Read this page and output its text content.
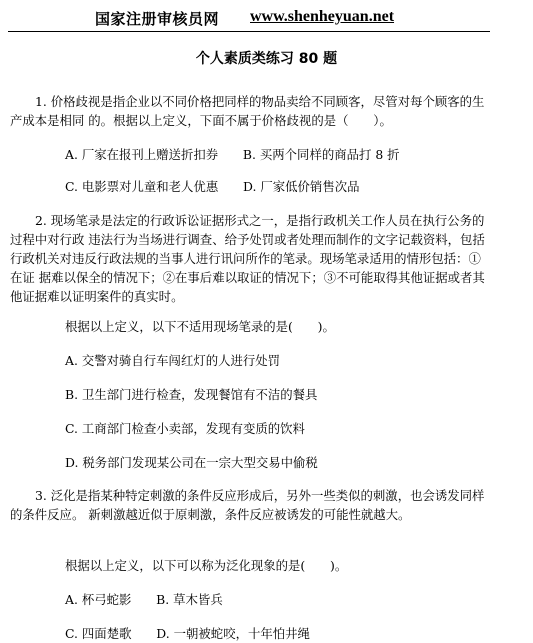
国家注册审核员网 www.shenheyuan.net
个人素质类练习 80 题

1. 价格歧视是指企业以不同价格把同样的物品卖给不同顾客，尽管对每个顾客的生产成本是相同 的。根据以上定义，下面不属于价格歧视的是（　　）。

A. 厂家在报刊上赠送折扣券　　B. 买两个同样的商品打 8 折

C. 电影票对儿童和老人优惠　　D. 厂家低价销售次品

2. 现场笔录是法定的行政诉讼证据形式之一，是指行政机关工作人员在执行公务的过程中对行政 违法行为当场进行调查、给予处罚或者处理而制作的文字记载资料，包括行政机关对违反行政法规的当事人进行讯问所作的笔录。现场笔录适用的情形包括：①在证 据难以保全的情况下；②在事后难以取证的情况下；③不可能取得其他证据或者其他证据难以证明案件的真实时。

根据以上定义，以下不适用现场笔录的是(　　)。

A. 交警对骑自行车闯红灯的人进行处罚

B. 卫生部门进行检查，发现餐馆有不洁的餐具

C. 工商部门检查小卖部，发现有变质的饮料

D. 税务部门发现某公司在一宗大型交易中偷税

3. 泛化是指某种特定刺激的条件反应形成后，另外一些类似的刺激，也会诱发同样的条件反应。 新刺激越近似于原刺激，条件反应被诱发的可能性就越大。

根据以上定义，以下可以称为泛化现象的是(　　)。

A. 杯弓蛇影　　B. 草木皆兵

C. 四面楚歌　　D. 一朝被蛇咬，十年怕井绳
